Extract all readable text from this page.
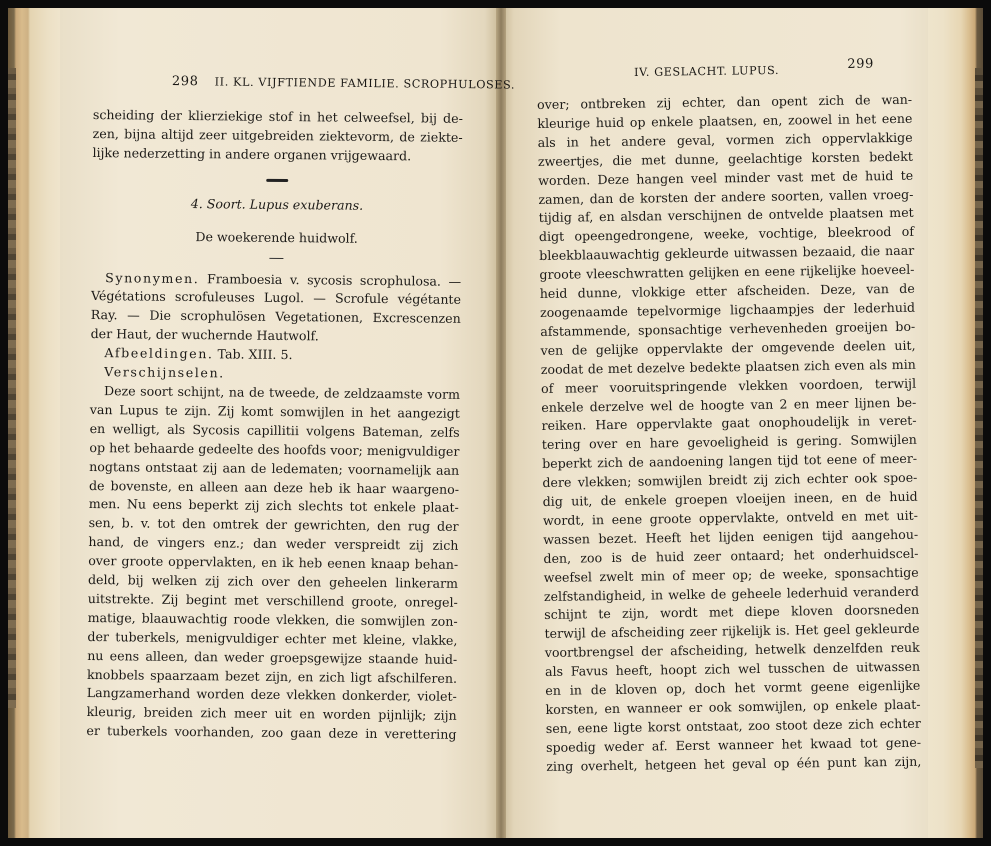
298 II. KL. VIJFTIENDE FAMILIE. SCROPHULOSES.
scheiding der klierziekige stof in het celweefsel, bij de-
zen, bijna altijd zeer uitgebreiden ziektevorm, de ziekte-
lijke nederzetting in andere organen vrijgewaard.
4. Soort. Lupus exuberans.
De woekerende huidwolf.
Synonymen. Framboesia v. sycosis scrophulosa. —
Végétations scrofuleuses Lugol. — Scrofule végétante
Ray. — Die scrophulösen Vegetationen, Excrescenzen
der Haut, der wuchernde Hautwolf.
Afbeeldingen. Tab. XIII. 5.
Verschijnselen.
Deze soort schijnt, na de tweede, de zeldzaamste vorm
van Lupus te zijn. Zij komt somwijlen in het aangezigt
en welligt, als Sycosis capillitii volgens Bateman, zelfs
op het behaarde gedeelte des hoofds voor; menigvuldiger
nogtans ontstaat zij aan de ledematen; voornamelijk aan
de bovenste, en alleen aan deze heb ik haar waargeno-
men. Nu eens beperkt zij zich slechts tot enkele plaat-
sen, b. v. tot den omtrek der gewrichten, den rug der
hand, de vingers enz.; dan weder verspreidt zij zich
over groote oppervlakten, en ik heb eenen knaap behan-
deld, bij welken zij zich over den geheelen linkerarm
uitstrekte. Zij begint met verschillend groote, onregel-
matige, blaauwachtig roode vlekken, die somwijlen zon-
der tuberkels, menigvuldiger echter met kleine, vlakke,
nu eens alleen, dan weder groepsgewijze staande huid-
knobbels spaarzaam bezet zijn, en zich ligt afschilferen.
Langzamerhand worden deze vlekken donkerder, violet-
kleurig, breiden zich meer uit en worden pijnlijk; zijn
er tuberkels voorhanden, zoo gaan deze in verettering
IV. GESLACHT. LUPUS.	299
over; ontbreken zij echter, dan opent zich de wan-
kleurige huid op enkele plaatsen, en, zoowel in het eene
als in het andere geval, vormen zich oppervlakkige
zweertjes, die met dunne, geelachtige korsten bedekt
worden. Deze hangen veel minder vast met de huid te
zamen, dan de korsten der andere soorten, vallen vroeg-
tijdig af, en alsdan verschijnen de ontvelde plaatsen met
digt opeengedrongene, weeke, vochtige, bleekrood of
bleekblaauwachtig gekleurde uitwassen bezaaid, die naar
groote vleeschwratten gelijken en eene rijkelijke hoeveel-
heid dunne, vlokkige etter afscheiden. Deze, van de
zoogenaamde tepelvormige ligchaampjes der lederhuid
afstammende, sponsachtige verhevenheden groeijen bo-
ven de gelijke oppervlakte der omgevende deelen uit,
zoodat de met dezelve bedekte plaatsen zich even als min
of meer vooruitspringende vlekken voordoen, terwijl
enkele derzelve wel de hoogte van 2 en meer lijnen be-
reiken. Hare oppervlakte gaat onophoudelijk in veret-
tering over en hare gevoeligheid is gering. Somwijlen
beperkt zich de aandoening langen tijd tot eene of meer-
dere vlekken; somwijlen breidt zij zich echter ook spoe-
dig uit, de enkele groepen vloeijen ineen, en de huid
wordt, in eene groote oppervlakte, ontveld en met uit-
wassen bezet. Heeft het lijden eenigen tijd aangehou-
den, zoo is de huid zeer ontaard; het onderhuidscel-
weefsel zwelt min of meer op; de weeke, sponsachtige
zelfstandigheid, in welke de geheele lederhuid veranderd
schijnt te zijn, wordt met diepe kloven doorsneden
terwijl de afscheiding zeer rijkelijk is. Het geel gekleurde
voortbrengsel der afscheiding, hetwelk denzelfden reuk
als Favus heeft, hoopt zich wel tusschen de uitwassen
en in de kloven op, doch het vormt geene eigenlijke
korsten, en wanneer er ook somwijlen, op enkele plaat-
sen, eene ligte korst ontstaat, zoo stoot deze zich echter
spoedig weder af. Eerst wanneer het kwaad tot gene-
zing overhelt, hetgeen het geval op één punt kan zijn,
